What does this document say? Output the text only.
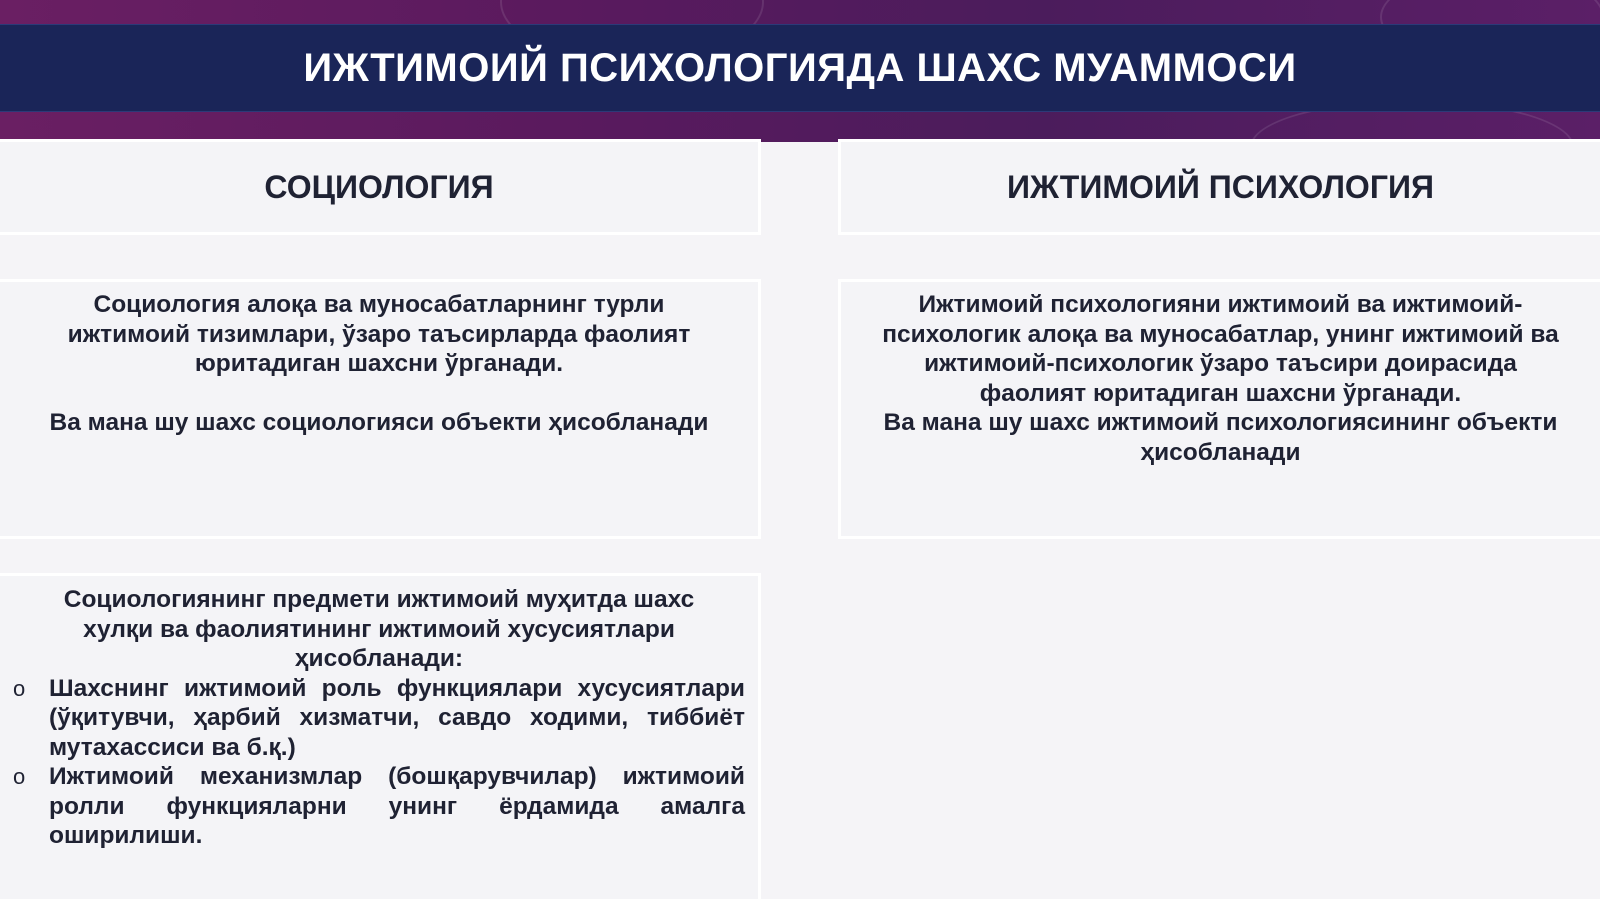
ИЖТИМОИЙ ПСИХОЛОГИЯДА ШАХС МУАММОСИ
СОЦИОЛОГИЯ	ИЖТИМОИЙ ПСИХОЛОГИЯ

Социология алоқа ва муносабатларнинг турли

ижтимоий тизимлари, ўзаро таъсирларда фаолият

юритадиган шахсни ўрганади.

Ва мана шу шахс социологияси объекти ҳисобланади

Ижтимоий психологияни ижтимоий ва ижтимоий-

психологик алоқа ва муносабатлар, унинг ижтимоий ва

ижтимоий-психологик ўзаро таъсири доирасида

фаолият юритадиган шахсни ўрганади.

Ва мана шу шахс ижтимоий психологиясининг объекти

ҳисобланади

Социологиянинг предмети ижтимоий муҳитда шахс

хулқи ва фаолиятининг ижтимоий хусусиятлари

ҳисобланади:

o Шахснинг ижтимоий роль функциялари хусусиятлари (ўқитувчи, ҳарбий хизматчи, савдо ходими, тиббиёт мутахассиси ва б.қ.)
o Ижтимоий механизмлар (бошқарувчилар) ижтимоий ролли функцияларни унинг ёрдамида амалга оширилиши.
